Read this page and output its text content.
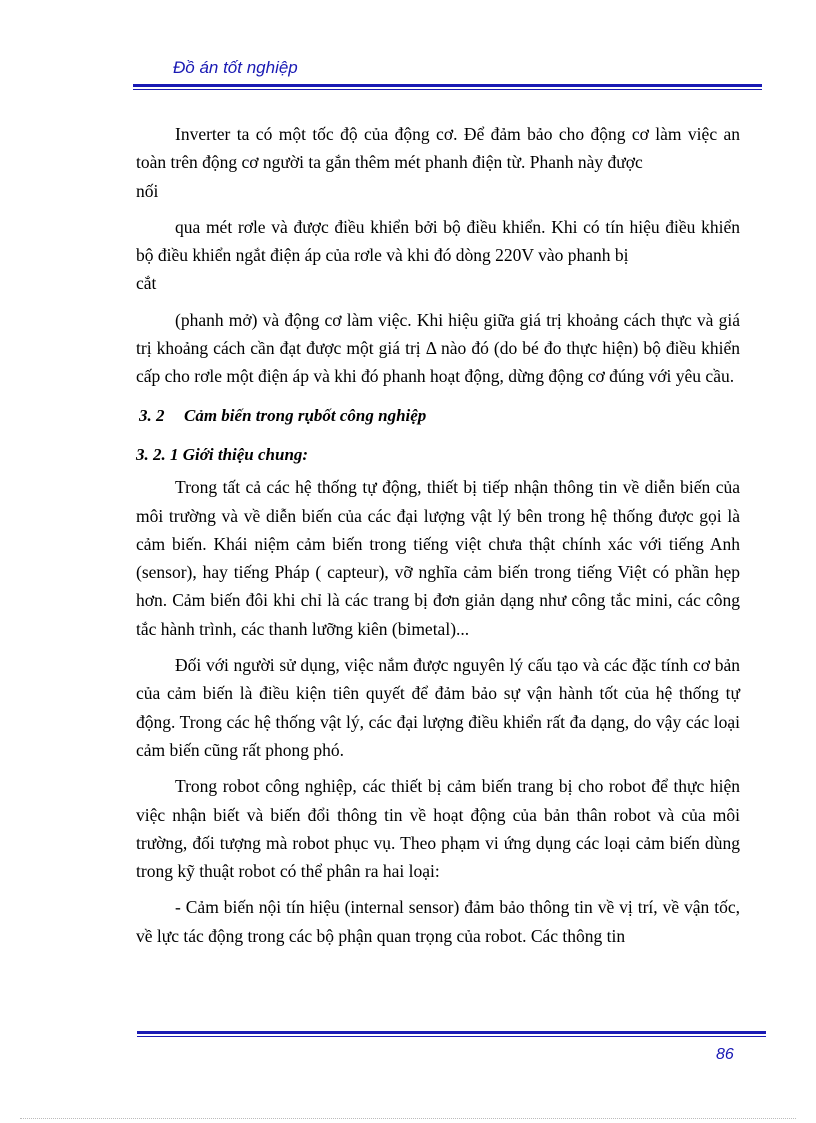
Đồ án tốt nghiệp

Inverter ta có một tốc độ của động cơ. Để đảm bảo cho động cơ làm việc an toàn trên động cơ người ta gắn thêm mét phanh điện từ. Phanh này được

nối

qua mét rơle và được điều khiển bởi bộ điều khiển. Khi có tín hiệu điều khiển bộ điều khiển ngắt điện áp của rơle và khi đó dòng 220V vào phanh bị

cắt

(phanh mở) và động cơ làm việc. Khi hiệu giữa giá trị khoảng cách thực và giá trị khoảng cách cần đạt được một giá trị Δ nào đó (do bé đo thực hiện) bộ điều khiển cấp cho rơle một điện áp và khi đó phanh hoạt động, dừng động cơ đúng với yêu cầu.

3. 2 Cảm biến trong rụbốt công nghiệp

3. 2. 1 Giới thiệu chung:

Trong tất cả các hệ thống tự động, thiết bị tiếp nhận thông tin về diễn biến của môi trường và về diễn biến của các đại lượng vật lý bên trong hệ thống được gọi là cảm biến. Khái niệm cảm biến trong tiếng việt chưa thật chính xác với tiếng Anh (sensor), hay tiếng Pháp ( capteur), vỡ nghĩa cảm biến trong tiếng Việt có phần hẹp hơn. Cảm biến đôi khi chỉ là các trang bị đơn giản dạng như công tắc mini, các công tắc hành trình, các thanh lưỡng kiên (bimetal)...

Đối với người sử dụng, việc nắm được nguyên lý cấu tạo và các đặc tính cơ bản của cảm biến là điều kiện tiên quyết để đảm bảo sự vận hành tốt của hệ thống tự động. Trong các hệ thống vật lý, các đại lượng điều khiển rất đa dạng, do vậy các loại cảm biến cũng rất phong phó.

Trong robot công nghiệp, các thiết bị cảm biến trang bị cho robot để thực hiện việc nhận biết và biến đổi thông tin về hoạt động của bản thân robot và của môi trường, đối tượng mà robot phục vụ. Theo phạm vi ứng dụng các loại cảm biến dùng trong kỹ thuật robot có thể phân ra hai loại:

- Cảm biến nội tín hiệu (internal sensor) đảm bảo thông tin về vị trí, về vận tốc, về lực tác động trong các bộ phận quan trọng của robot. Các thông tin

86
